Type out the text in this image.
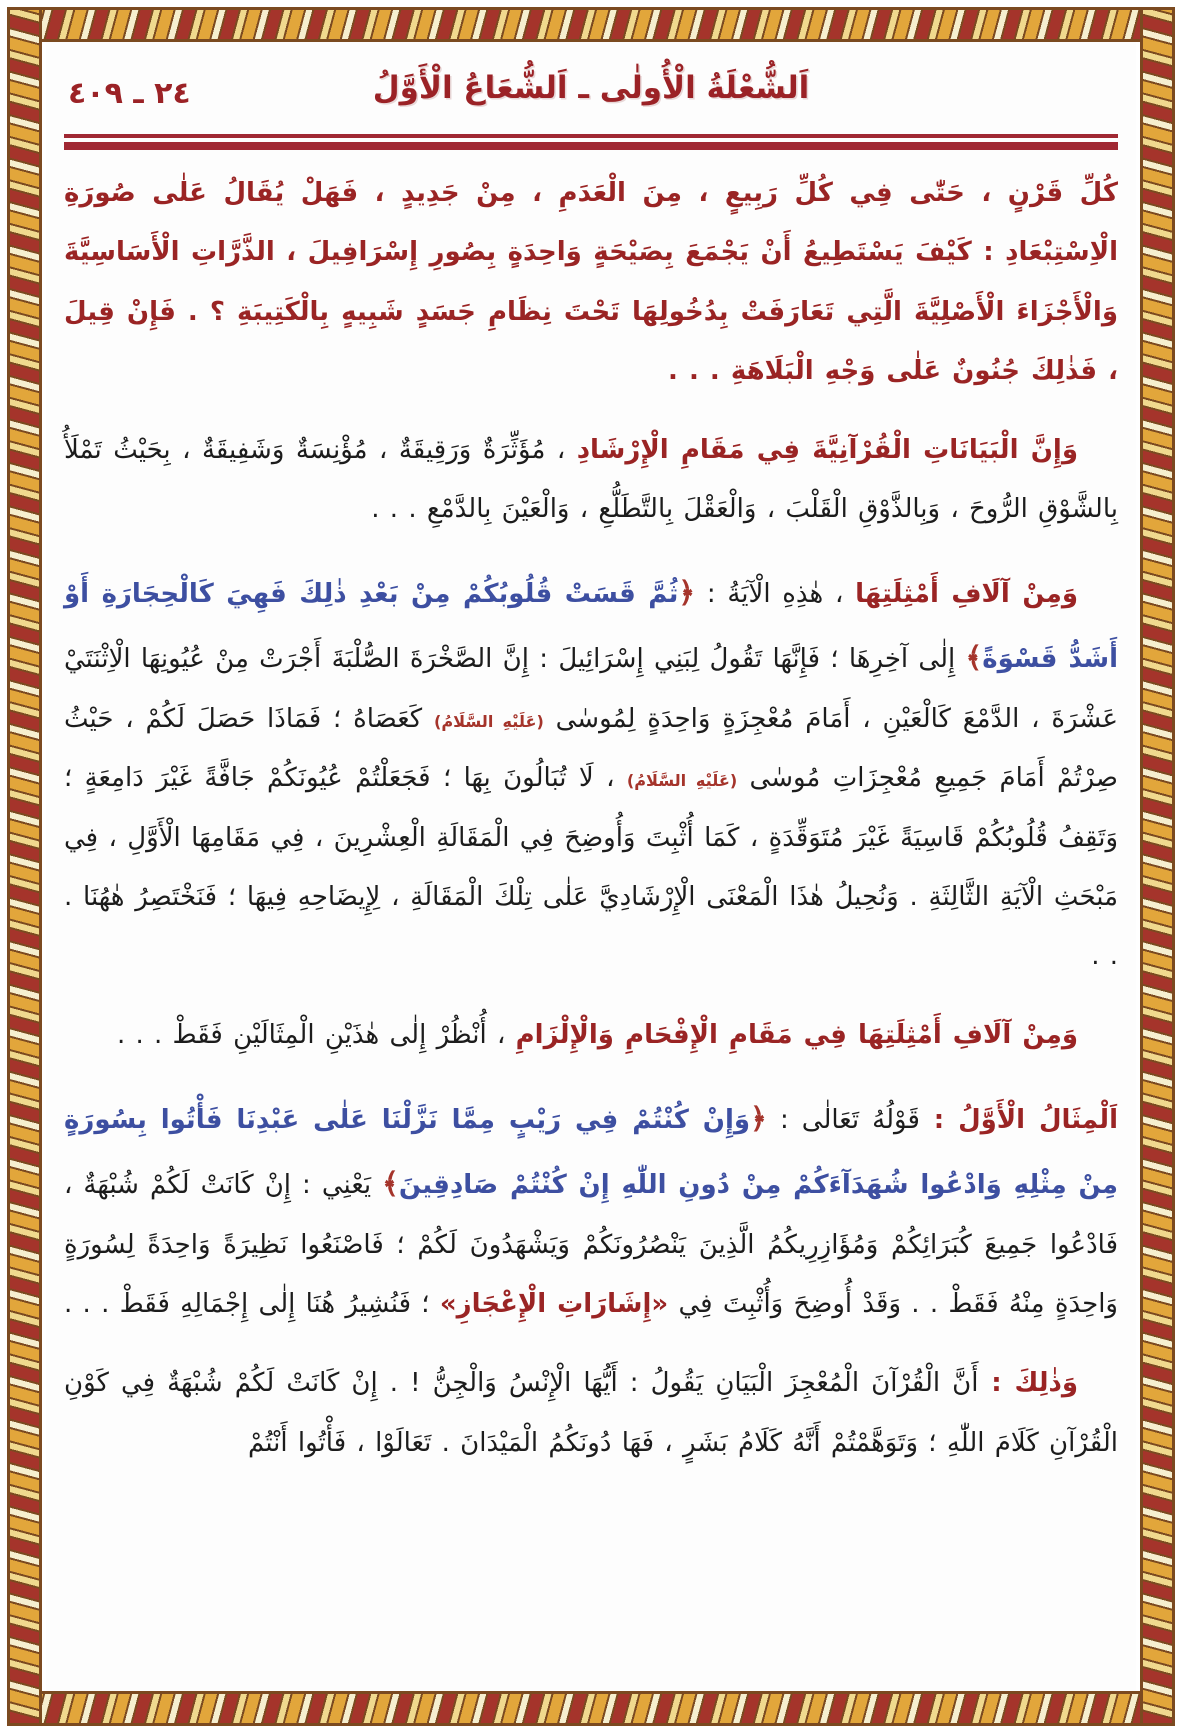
٢٤ ـ ٤٠٩	اَلشُّعْلَةُ الْأُولٰى ـ اَلشُّعَاعُ الْأَوَّلُ
كُلِّ قَرْنٍ ، حَتّٰى فِي كُلِّ رَبِيعٍ ، مِنَ الْعَدَمِ ، مِنْ جَدِيدٍ ، فَهَلْ يُقَالُ عَلٰى صُورَةِ الْاِسْتِبْعَادِ : كَيْفَ يَسْتَطِيعُ أَنْ يَجْمَعَ بِصَيْحَةٍ وَاحِدَةٍ بِصُورِ إِسْرَافِيلَ ، الذَّرَّاتِ الْأَسَاسِيَّةَ وَالْأَجْزَاءَ الْأَصْلِيَّةَ الَّتِي تَعَارَفَتْ بِدُخُولِهَا تَحْتَ نِظَامِ جَسَدٍ شَبِيهٍ بِالْكَتِيبَةِ ؟ . فَإِنْ قِيلَ ، فَذٰلِكَ جُنُونٌ عَلٰى وَجْهِ الْبَلَاهَةِ . . .
وَإِنَّ الْبَيَانَاتِ الْقُرْآنِيَّةَ فِي مَقَامِ الْإِرْشَادِ ، مُؤَثِّرَةٌ وَرَقِيقَةٌ ، مُؤْنِسَةٌ وَشَفِيقَةٌ ، بِحَيْثُ تَمْلَأُ بِالشَّوْقِ الرُّوحَ ، وَبِالذَّوْقِ الْقَلْبَ ، وَالْعَقْلَ بِالتَّطَلُّعِ ، وَالْعَيْنَ بِالدَّمْعِ . . .
وَمِنْ آلَافِ أَمْثِلَتِهَا ، هٰذِهِ الْآيَةُ : ﴿ثُمَّ قَسَتْ قُلُوبُكُمْ مِنْ بَعْدِ ذٰلِكَ فَهِيَ كَالْحِجَارَةِ أَوْ أَشَدُّ قَسْوَةً﴾ إِلٰى آخِرِهَا ؛ فَإِنَّهَا تَقُولُ لِبَنِي إِسْرَائِيلَ : إِنَّ الصَّخْرَةَ الصُّلْبَةَ أَجْرَتْ مِنْ عُيُونِهَا الْاِثْنَتَيْ عَشْرَةَ ، الدَّمْعَ كَالْعَيْنِ ، أَمَامَ مُعْجِزَةٍ وَاحِدَةٍ لِمُوسٰى (عَلَيْهِ السَّلَامُ) كَعَصَاهُ ؛ فَمَاذَا حَصَلَ لَكُمْ ، حَيْثُ صِرْتُمْ أَمَامَ جَمِيعِ مُعْجِزَاتِ مُوسٰى (عَلَيْهِ السَّلَامُ) ، لَا تُبَالُونَ بِهَا ؛ فَجَعَلْتُمْ عُيُونَكُمْ جَافَّةً غَيْرَ دَامِعَةٍ ؛ وَتَقِفُ قُلُوبُكُمْ قَاسِيَةً غَيْرَ مُتَوَقِّدَةٍ ، كَمَا أُثْبِتَ وَأُوضِحَ فِي الْمَقَالَةِ الْعِشْرِينَ ، فِي مَقَامِهَا الْأَوَّلِ ، فِي مَبْحَثِ الْآيَةِ الثَّالِثَةِ . وَنُحِيلُ هٰذَا الْمَعْنَى الْإِرْشَادِيَّ عَلٰى تِلْكَ الْمَقَالَةِ ، لِإِيضَاحِهِ فِيهَا ؛ فَنَخْتَصِرُ هٰهُنَا . . .
وَمِنْ آلَافِ أَمْثِلَتِهَا فِي مَقَامِ الْإِفْحَامِ وَالْإِلْزَامِ ، أُنْظُرْ إِلٰى هٰذَيْنِ الْمِثَالَيْنِ فَقَطْ . . .
اَلْمِثَالُ الْأَوَّلُ : قَوْلُهُ تَعَالٰى : ﴿وَإِنْ كُنْتُمْ فِي رَيْبٍ مِمَّا نَزَّلْنَا عَلٰى عَبْدِنَا فَأْتُوا بِسُورَةٍ مِنْ مِثْلِهِ وَادْعُوا شُهَدَآءَكُمْ مِنْ دُونِ اللّٰهِ إِنْ كُنْتُمْ صَادِقِينَ﴾ يَعْنِي : إِنْ كَانَتْ لَكُمْ شُبْهَةٌ ، فَادْعُوا جَمِيعَ كُبَرَائِكُمْ وَمُؤَازِرِيكُمُ الَّذِينَ يَنْصُرُونَكُمْ وَيَشْهَدُونَ لَكُمْ ؛ فَاصْنَعُوا نَظِيرَةً وَاحِدَةً لِسُورَةٍ وَاحِدَةٍ مِنْهُ فَقَطْ . . وَقَدْ أُوضِحَ وَأُثْبِتَ فِي «إِشَارَاتِ الْإِعْجَازِ» ؛ فَنُشِيرُ هُنَا إِلٰى إِجْمَالِهِ فَقَطْ . . .
وَذٰلِكَ : أَنَّ الْقُرْآنَ الْمُعْجِزَ الْبَيَانِ يَقُولُ : أَيُّهَا الْإِنْسُ وَالْجِنُّ ! . إِنْ كَانَتْ لَكُمْ شُبْهَةٌ فِي كَوْنِ الْقُرْآنِ كَلَامَ اللّٰهِ ؛ وَتَوَهَّمْتُمْ أَنَّهُ كَلَامُ بَشَرٍ ، فَهَا دُونَكُمُ الْمَيْدَانَ . تَعَالَوْا ، فَأْتُوا أَنْتُمْ
